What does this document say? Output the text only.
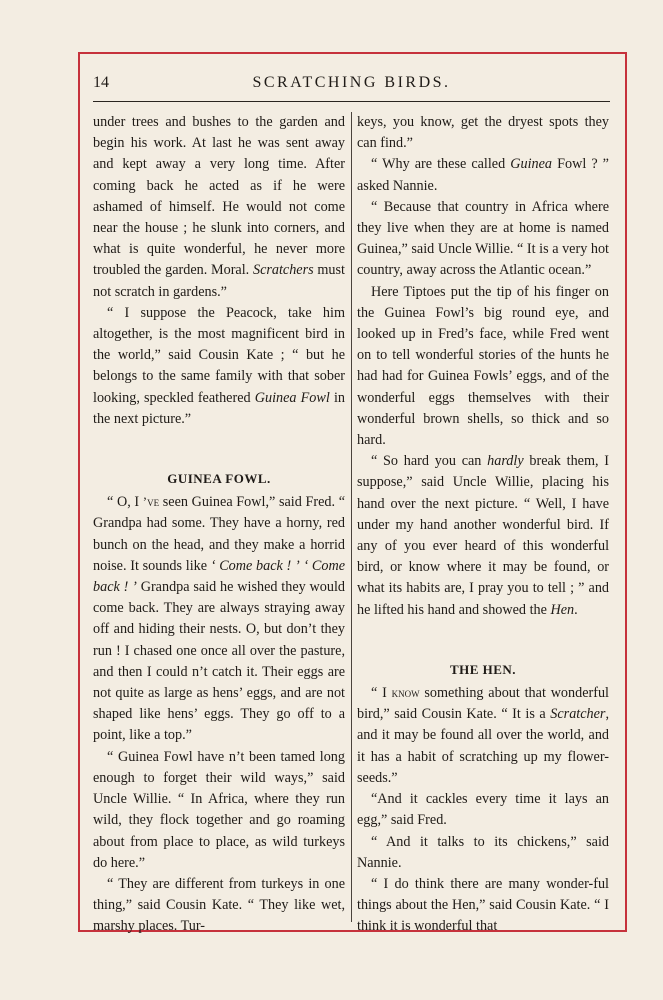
14	SCRATCHING BIRDS.

under trees and bushes to the garden and begin his work. At last he was sent away and kept away a very long time. After coming back he acted as if he were ashamed of himself. He would not come near the house ; he slunk into corners, and what is quite wonderful, he never more troubled the garden. Moral. Scratchers must not scratch in gardens.”

“ I suppose the Peacock, take him altogether, is the most magnificent bird in the world,” said Cousin Kate ; “ but he belongs to the same family with that sober looking, speckled feathered Guinea Fowl in the next picture.”

GUINEA FOWL.

“ O, I ’ve seen Guinea Fowl,” said Fred. “ Grandpa had some. They have a horny, red bunch on the head, and they make a horrid noise. It sounds like ‘ Come back ! ’ ‘ Come back ! ’ Grandpa said he wished they would come back. They are always straying away off and hiding their nests. O, but don’t they run ! I chased one once all over the pasture, and then I could n’t catch it. Their eggs are not quite as large as hens’ eggs, and are not shaped like hens’ eggs. They go off to a point, like a top.”

“ Guinea Fowl have n’t been tamed long enough to forget their wild ways,” said Uncle Willie. “ In Africa, where they run wild, they flock together and go roaming about from place to place, as wild turkeys do here.”

“ They are different from turkeys in one thing,” said Cousin Kate. “ They like wet, marshy places. Tur-

keys, you know, get the dryest spots they can find.”

“ Why are these called Guinea Fowl ? ” asked Nannie.

“ Because that country in Africa where they live when they are at home is named Guinea,” said Uncle Willie. “ It is a very hot country, away across the Atlantic ocean.”

Here Tiptoes put the tip of his finger on the Guinea Fowl’s big round eye, and looked up in Fred’s face, while Fred went on to tell wonderful stories of the hunts he had had for Guinea Fowls’ eggs, and of the wonderful eggs themselves with their wonderful brown shells, so thick and so hard.

“ So hard you can hardly break them, I suppose,” said Uncle Willie, placing his hand over the next picture. “ Well, I have under my hand another wonderful bird. If any of you ever heard of this wonderful bird, or know where it may be found, or what its habits are, I pray you to tell ; ” and he lifted his hand and showed the Hen.

THE HEN.

“ I know something about that wonderful bird,” said Cousin Kate. “ It is a Scratcher, and it may be found all over the world, and it has a habit of scratching up my flower-seeds.”

“And it cackles every time it lays an egg,” said Fred.

“ And it talks to its chickens,” said Nannie.

“ I do think there are many wonder-ful things about the Hen,” said Cousin Kate. “ I think it is wonderful that
